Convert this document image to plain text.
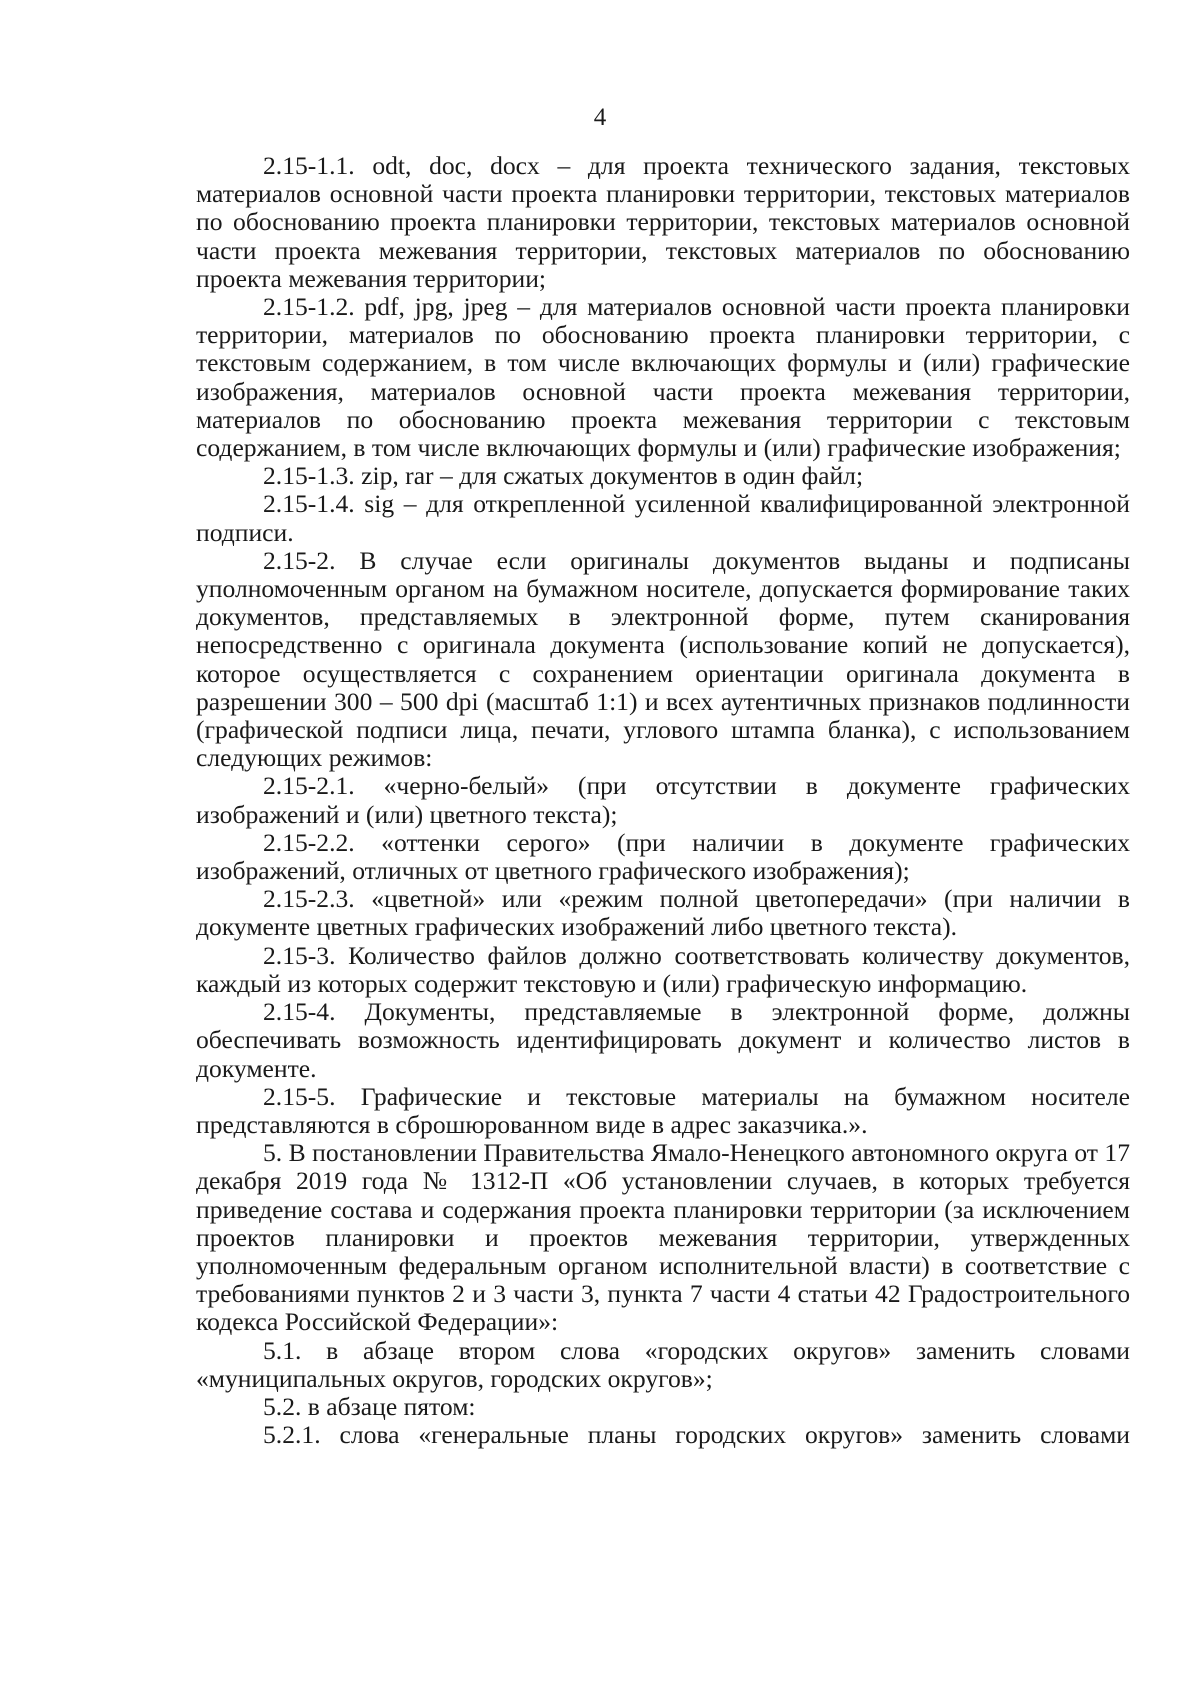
4

2.15-1.1. odt, doc, docx – для проекта технического задания, текстовых материалов основной части проекта планировки территории, текстовых материалов по обоснованию проекта планировки территории, текстовых материалов основной части проекта межевания территории, текстовых материалов по обоснованию проекта межевания территории;

2.15-1.2. pdf, jpg, jpeg – для материалов основной части проекта планировки территории, материалов по обоснованию проекта планировки территории, с текстовым содержанием, в том числе включающих формулы и (или) графические изображения, материалов основной части проекта межевания территории, материалов по обоснованию проекта межевания территории с текстовым содержанием, в том числе включающих формулы и (или) графические изображения;

2.15-1.3. zip, rar – для сжатых документов в один файл;

2.15-1.4. sig – для открепленной усиленной квалифицированной электронной подписи.

2.15-2. В случае если оригиналы документов выданы и подписаны уполномоченным органом на бумажном носителе, допускается формирование таких документов, представляемых в электронной форме, путем сканирования непосредственно с оригинала документа (использование копий не допускается), которое осуществляется с сохранением ориентации оригинала документа в разрешении 300 – 500 dpi (масштаб 1:1) и всех аутентичных признаков подлинности (графической подписи лица, печати, углового штампа бланка), с использованием следующих режимов:

2.15-2.1. «черно-белый» (при отсутствии в документе графических изображений и (или) цветного текста);

2.15-2.2. «оттенки серого» (при наличии в документе графических изображений, отличных от цветного графического изображения);

2.15-2.3. «цветной» или «режим полной цветопередачи» (при наличии в документе цветных графических изображений либо цветного текста).

2.15-3. Количество файлов должно соответствовать количеству документов, каждый из которых содержит текстовую и (или) графическую информацию.

2.15-4. Документы, представляемые в электронной форме, должны обеспечивать возможность идентифицировать документ и количество листов в документе.

2.15-5. Графические и текстовые материалы на бумажном носителе представляются в сброшюрованном виде в адрес заказчика.».

5. В постановлении Правительства Ямало-Ненецкого автономного округа от 17 декабря 2019 года № 1312-П «Об установлении случаев, в которых требуется приведение состава и содержания проекта планировки территории (за исключением проектов планировки и проектов межевания территории, утвержденных уполномоченным федеральным органом исполнительной власти) в соответствие с требованиями пунктов 2 и 3 части 3, пункта 7 части 4 статьи 42 Градостроительного кодекса Российской Федерации»:

5.1. в абзаце втором слова «городских округов» заменить словами «муниципальных округов, городских округов»;

5.2. в абзаце пятом:

5.2.1. слова «генеральные планы городских округов» заменить словами
